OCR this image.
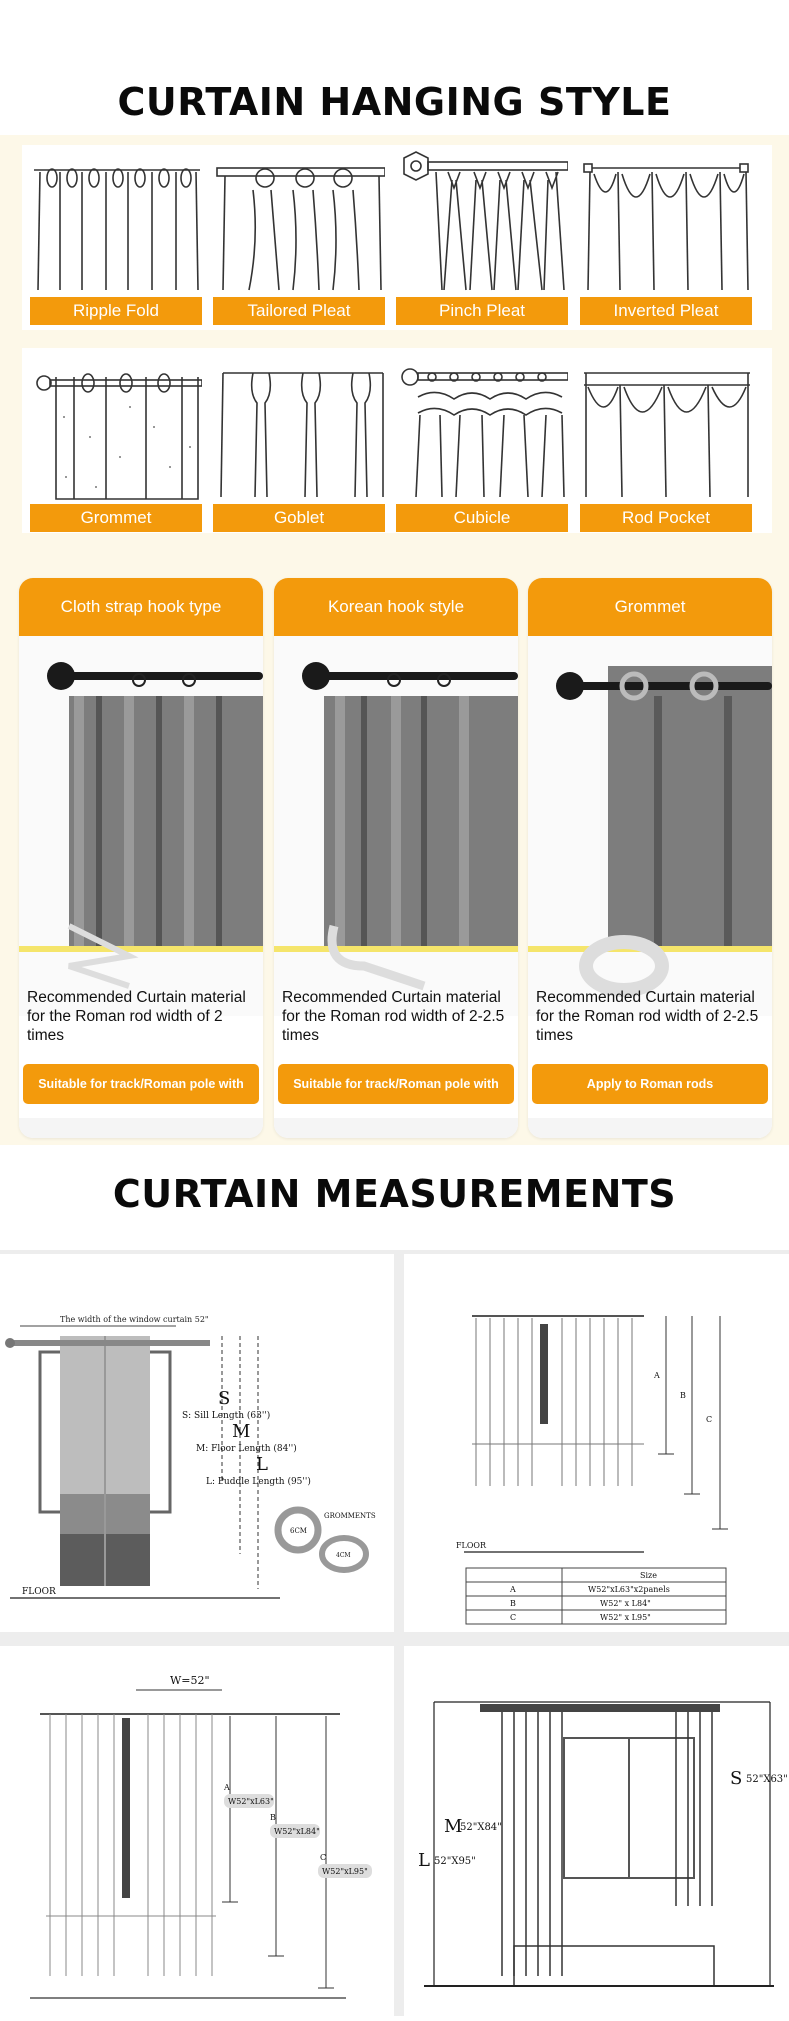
CURTAIN HANGING STYLE
Ripple Fold	Tailored Pleat	Pinch Pleat	Inverted Pleat
Grommet	Goblet	Cubicle	Rod Pocket
Cloth strap hook type
Recommended Curtain material for the Roman rod width of 2 times
Suitable for track/Roman pole with
Korean hook style
Recommended Curtain material for the Roman rod width of 2-2.5 times
Suitable for track/Roman pole with
Grommet
Recommended Curtain material for the Roman rod width of 2-2.5 times
Apply to Roman rods
CURTAIN MEASUREMENTS
The width of the window curtain 52"
S
S: Sill Length (63'')
M
M: Floor Length (84'')
L
L: Puddle Length (95'')
FLOOR
GROMMENTS
6CM
4CM
A
B
C
FLOOR
Size
A	W52"xL63"x2panels
B	W52" x L84"
C	W52" x L95"
W=52"
A
W52"xL63"
B
W52"xL84"
C
W52"xL95"
M
52"X84"
L 52"X95"
S 52"X63"
